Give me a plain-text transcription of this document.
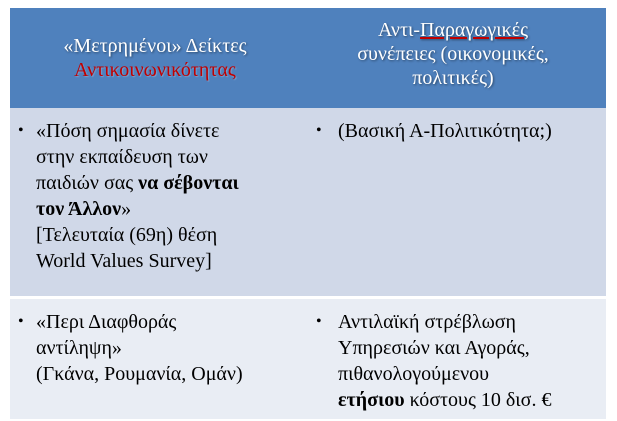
«Μετρημένοι» Δείκτες
Αντικοινωνικότητας
Αντι-Παραγωγικές
συνέπειες (οικονομικές,
πολιτικές)
• «Πόση σημασία δίνετε
στην εκπαίδευση των
παιδιών σας να σέβονται
τον Άλλον»
[Τελευταία (69η) θέση
World Values Survey]
• (Βασική Α-Πολιτικότητα;)
• «Περι Διαφθοράς
αντίληψη»
(Γκάνα, Ρουμανία, Ομάν)
• Αντιλαϊκή στρέβλωση
Υπηρεσιών και Αγοράς,
πιθανολογούμενου
ετήσιου κόστους 10 δισ. €
